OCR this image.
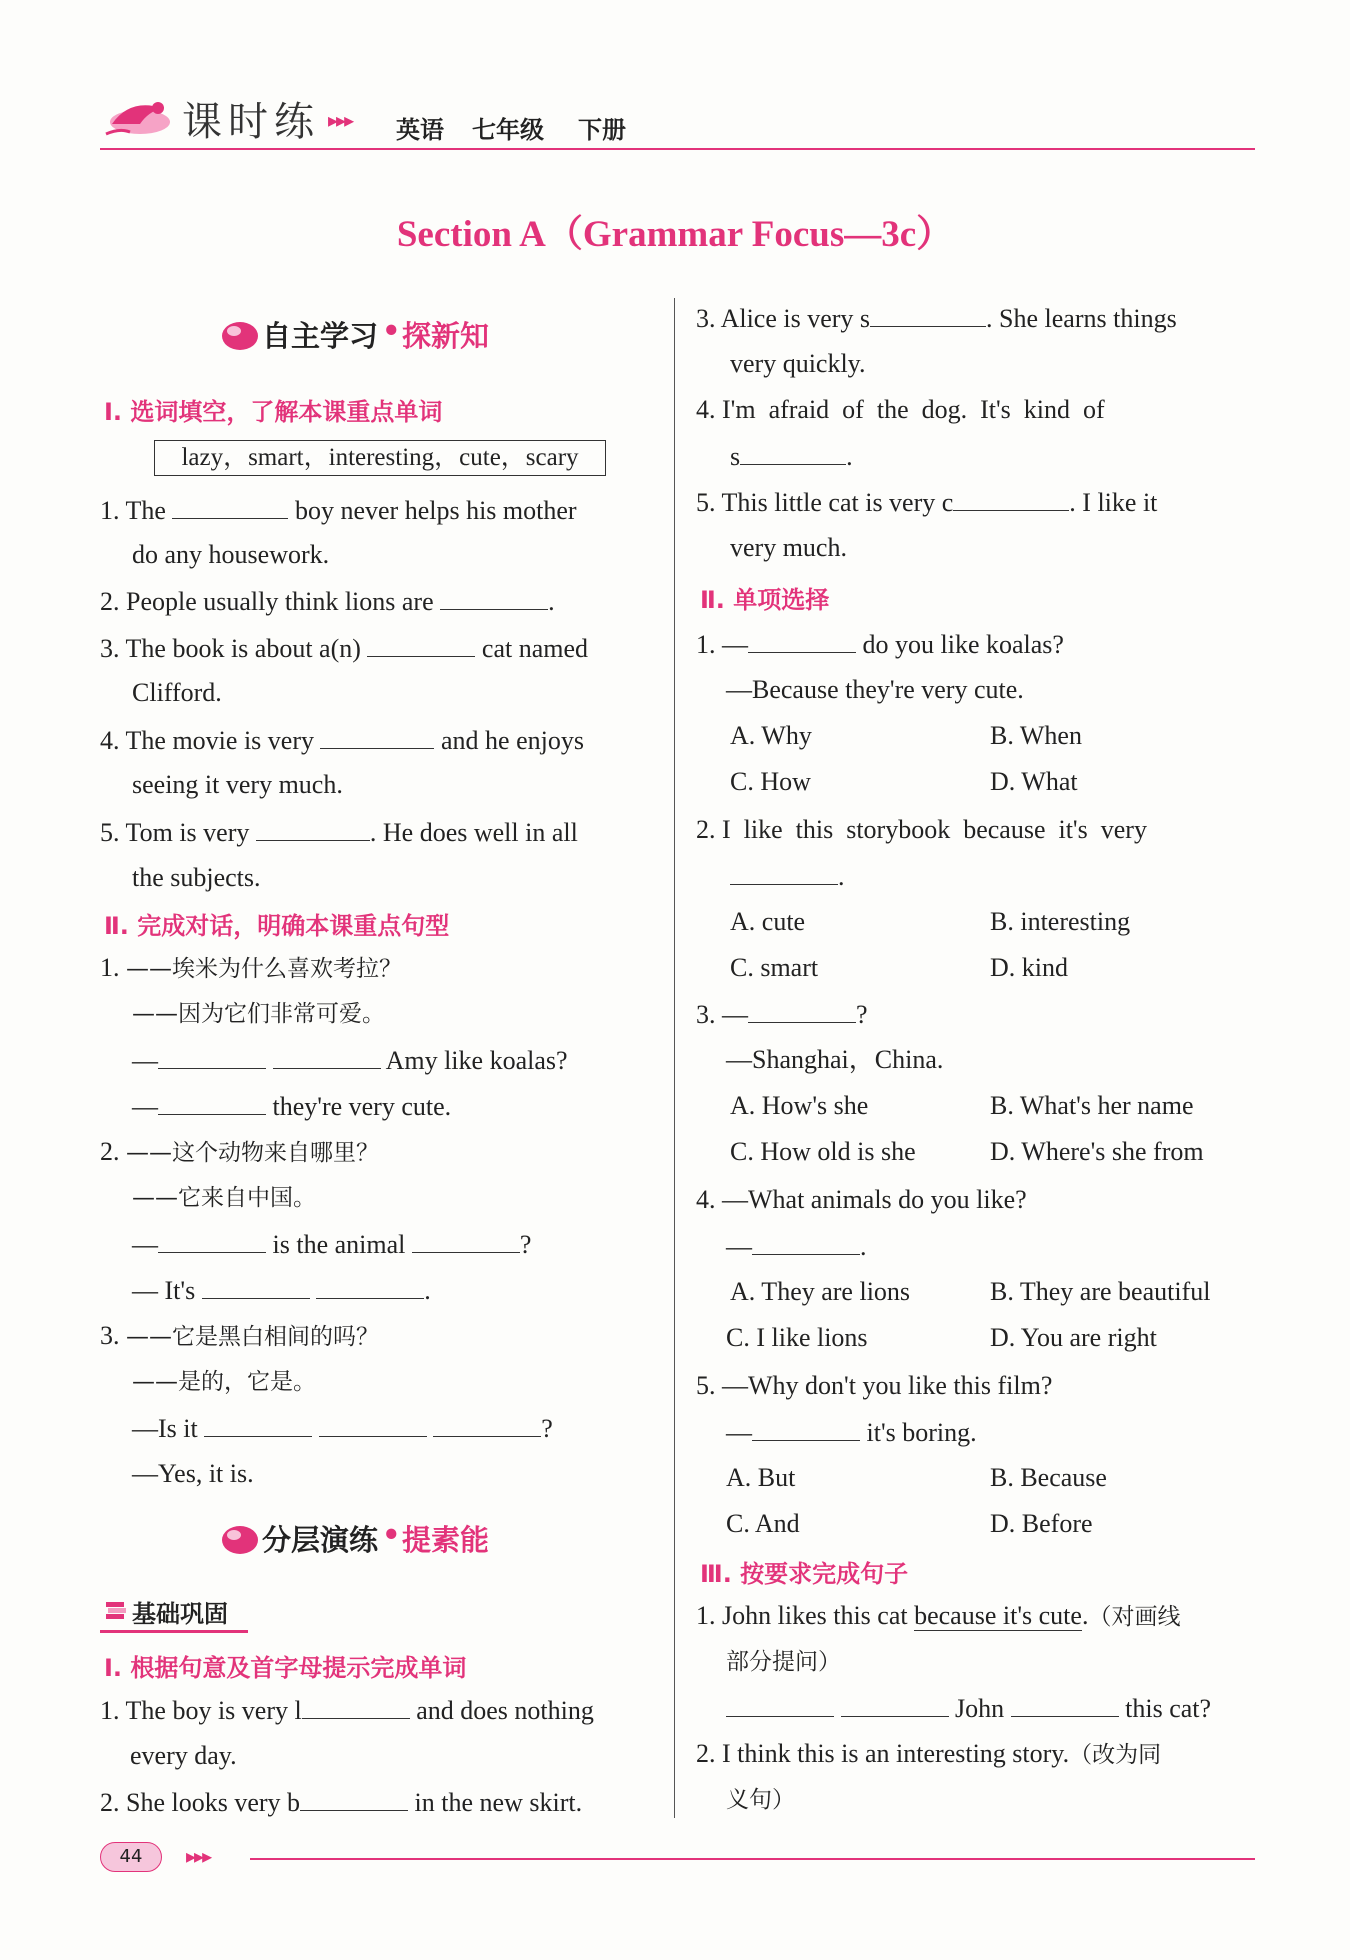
课时练 ▸▸▸ 英语 七年级 下册
Section A（Grammar Focus—3c）
自主学习 • 探新知
Ⅰ. 选词填空，了解本课重点单词
lazy，smart，interesting，cute，scary
1. The	boy never helps his mother
do any housework.
2. People usually think lions are	.
3. The book is about a(n)	cat named
Clifford.
4. The movie is very	and he enjoys
seeing it very much.
5. Tom is very	. He does well in all
the subjects.
Ⅱ. 完成对话，明确本课重点句型
1. ——埃米为什么喜欢考拉？
——因为它们非常可爱。
—	Amy like koalas?
—	they're very cute.
2. ——这个动物来自哪里？
——它来自中国。
—	is the animal	?
— It's	.
3. ——它是黑白相间的吗？
——是的，它是。
—Is it	?
—Yes, it is.
分层演练 • 提素能
基础巩固
Ⅰ. 根据句意及首字母提示完成单词
1. The boy is very l	and does nothing
every day.
2. She looks very b	in the new skirt.
3. Alice is very s	. She learns things
very quickly.
4. I'm  afraid  of  the  dog.  It's  kind  of
s	.
5. This little cat is very c	. I like it
very much.
Ⅱ. 单项选择
1. —	do you like koalas?
—Because they're very cute.
A. Why	B. When
C. How	D. What
2. I  like  this  storybook  because  it's  very
.
A. cute	B. interesting
C. smart	D. kind
3. —	?
—Shanghai，China.
A. How's she	B. What's her name
C. How old is she	D. Where's she from
4. —What animals do you like?
—	.
A. They are lions	B. They are beautiful
C. I like lions	D. You are right
5. —Why don't you like this film?
—	it's boring.
A. But	B. Because
C. And	D. Before
Ⅲ. 按要求完成句子
1. John likes this cat because it's cute.（对画线
部分提问）
John	this cat?
2. I think this is an interesting story.（改为同
义句）
44	▸▸▸
